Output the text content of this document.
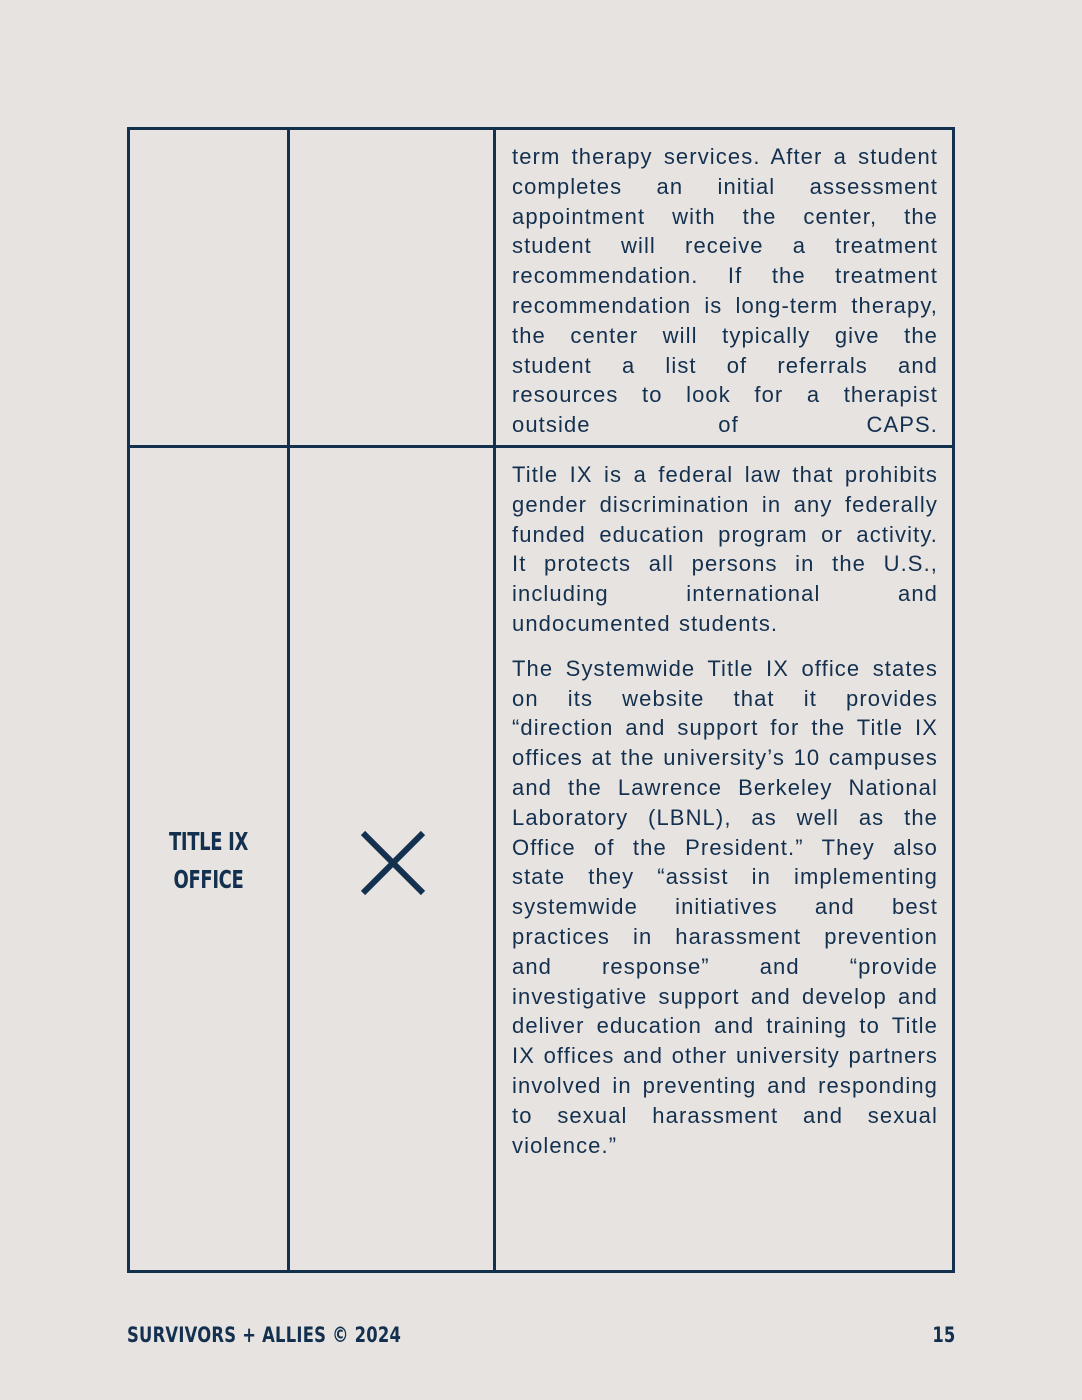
term therapy services. After a student completes an initial assessment appointment with the center, the student will receive a treatment recommendation. If the treatment recommendation is long-term therapy, the center will typically give the student a list of referrals and resources to look for a therapist outside of CAPS.

TITLE IX
OFFICE

Title IX is a federal law that prohibits gender discrimination in any federally funded education program or activity. It protects all persons in the U.S., including international and undocumented students.

The Systemwide Title IX office states on its website that it provides “direction and support for the Title IX offices at the university’s 10 campuses and the Lawrence Berkeley National Laboratory (LBNL), as well as the Office of the President.” They also state they “assist in implementing systemwide initiatives and best practices in harassment prevention and response” and “provide investigative support and develop and deliver education and training to Title IX offices and other university partners involved in preventing and responding to sexual harassment and sexual violence.”

SURVIVORS + ALLIES © 2024	15
